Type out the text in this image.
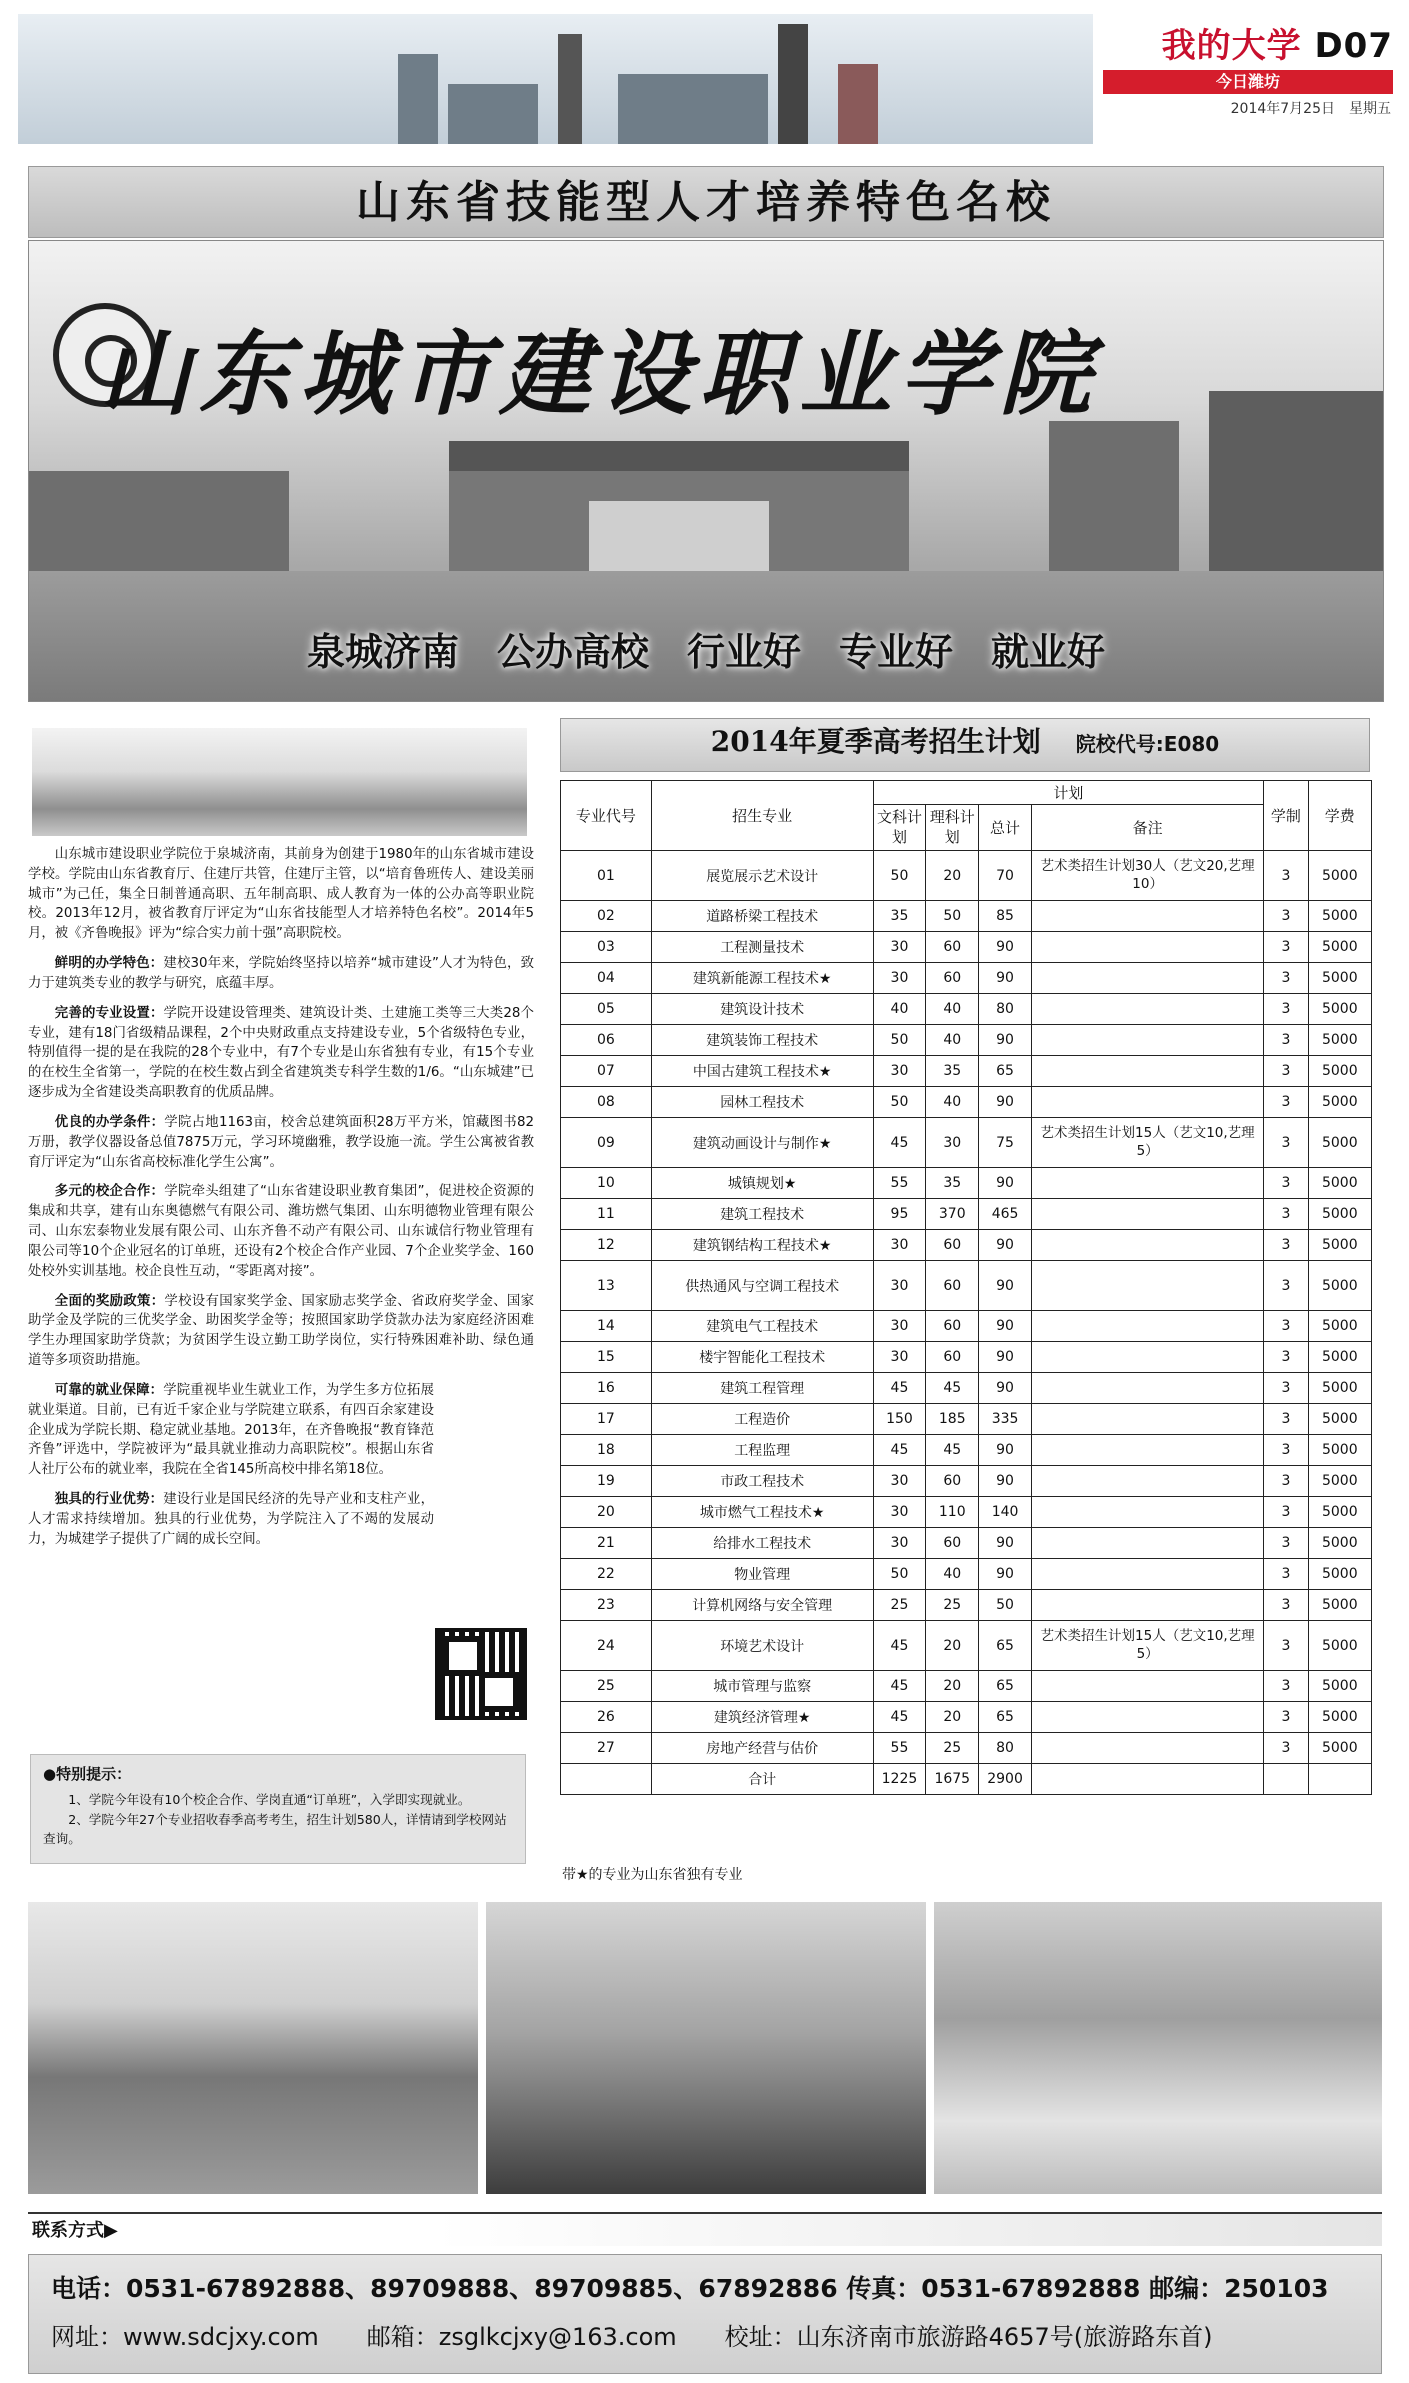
我的大学 D07
今日潍坊
2014年7月25日　星期五
山东省技能型人才培养特色名校
山东城市建设职业学院
泉城济南　公办高校　行业好　专业好　就业好

山东城市建设职业学院位于泉城济南，其前身为创建于1980年的山东省城市建设学校。学院由山东省教育厅、住建厅共管，住建厅主管，以“培育鲁班传人、建设美丽城市”为己任，集全日制普通高职、五年制高职、成人教育为一体的公办高等职业院校。2013年12月，被省教育厅评定为“山东省技能型人才培养特色名校”。2014年5月，被《齐鲁晚报》评为“综合实力前十强”高职院校。

鲜明的办学特色：建校30年来，学院始终坚持以培养“城市建设”人才为特色，致力于建筑类专业的教学与研究，底蕴丰厚。

完善的专业设置：学院开设建设管理类、建筑设计类、土建施工类等三大类28个专业，建有18门省级精品课程，2个中央财政重点支持建设专业，5个省级特色专业，特别值得一提的是在我院的28个专业中，有7个专业是山东省独有专业，有15个专业的在校生全省第一，学院的在校生数占到全省建筑类专科学生数的1/6。“山东城建”已逐步成为全省建设类高职教育的优质品牌。

优良的办学条件：学院占地1163亩，校舍总建筑面积28万平方米，馆藏图书82万册，教学仪器设备总值7875万元，学习环境幽雅，教学设施一流。学生公寓被省教育厅评定为“山东省高校标准化学生公寓”。

多元的校企合作：学院牵头组建了“山东省建设职业教育集团”，促进校企资源的集成和共享，建有山东奥德燃气有限公司、潍坊燃气集团、山东明德物业管理有限公司、山东宏泰物业发展有限公司、山东齐鲁不动产有限公司、山东诚信行物业管理有限公司等10个企业冠名的订单班，还设有2个校企合作产业园、7个企业奖学金、160处校外实训基地。校企良性互动，“零距离对接”。

全面的奖励政策：学校设有国家奖学金、国家励志奖学金、省政府奖学金、国家助学金及学院的三优奖学金、助困奖学金等；按照国家助学贷款办法为家庭经济困难学生办理国家助学贷款；为贫困学生设立勤工助学岗位，实行特殊困难补助、绿色通道等多项资助措施。

可靠的就业保障：学院重视毕业生就业工作，为学生多方位拓展就业渠道。目前，已有近千家企业与学院建立联系，有四百余家建设企业成为学院长期、稳定就业基地。2013年，在齐鲁晚报“教育锋范齐鲁”评选中，学院被评为“最具就业推动力高职院校”。根据山东省人社厅公布的就业率，我院在全省145所高校中排名第18位。

独具的行业优势：建设行业是国民经济的先导产业和支柱产业，人才需求持续增加。独具的行业优势，为学院注入了不竭的发展动力，为城建学子提供了广阔的成长空间。

●特别提示：

1、学院今年设有10个校企合作、学岗直通“订单班”，入学即实现就业。

2、学院今年27个专业招收春季高考考生，招生计划580人，详情请到学校网站查询。

2014年夏季高考招生计划 院校代号:E080
专业代号	招生专业	计划				学制	学费
		文科计划	理科计划	总计	备注		
01	展览展示艺术设计	50	20	70	艺术类招生计划30人（艺文20,艺理10）	3	5000
02	道路桥梁工程技术	35	50	85		3	5000
03	工程测量技术	30	60	90		3	5000
04	建筑新能源工程技术★	30	60	90		3	5000
05	建筑设计技术	40	40	80		3	5000
06	建筑装饰工程技术	50	40	90		3	5000
07	中国古建筑工程技术★	30	35	65		3	5000
08	园林工程技术	50	40	90		3	5000
09	建筑动画设计与制作★	45	30	75	艺术类招生计划15人（艺文10,艺理5）	3	5000
10	城镇规划★	55	35	90		3	5000
11	建筑工程技术	95	370	465		3	5000
12	建筑钢结构工程技术★	30	60	90		3	5000
13	供热通风与空调工程技术	30	60	90		3	5000
14	建筑电气工程技术	30	60	90		3	5000
15	楼宇智能化工程技术	30	60	90		3	5000
16	建筑工程管理	45	45	90		3	5000
17	工程造价	150	185	335		3	5000
18	工程监理	45	45	90		3	5000
19	市政工程技术	30	60	90		3	5000
20	城市燃气工程技术★	30	110	140		3	5000
21	给排水工程技术	30	60	90		3	5000
22	物业管理	50	40	90		3	5000
23	计算机网络与安全管理	25	25	50		3	5000
24	环境艺术设计	45	20	65	艺术类招生计划15人（艺文10,艺理5）	3	5000
25	城市管理与监察	45	20	65		3	5000
26	建筑经济管理★	45	20	65		3	5000
27	房地产经营与估价	55	25	80		3	5000
	合计	1225	1675	2900			
带★的专业为山东省独有专业
联系方式▶
电话：0531-67892888、89709888、89709885、67892886 传真：0531-67892888 邮编：250103
网址：www.sdcjxy.com　　邮箱：zsglkcjxy@163.com　　校址：山东济南市旅游路4657号(旅游路东首)
